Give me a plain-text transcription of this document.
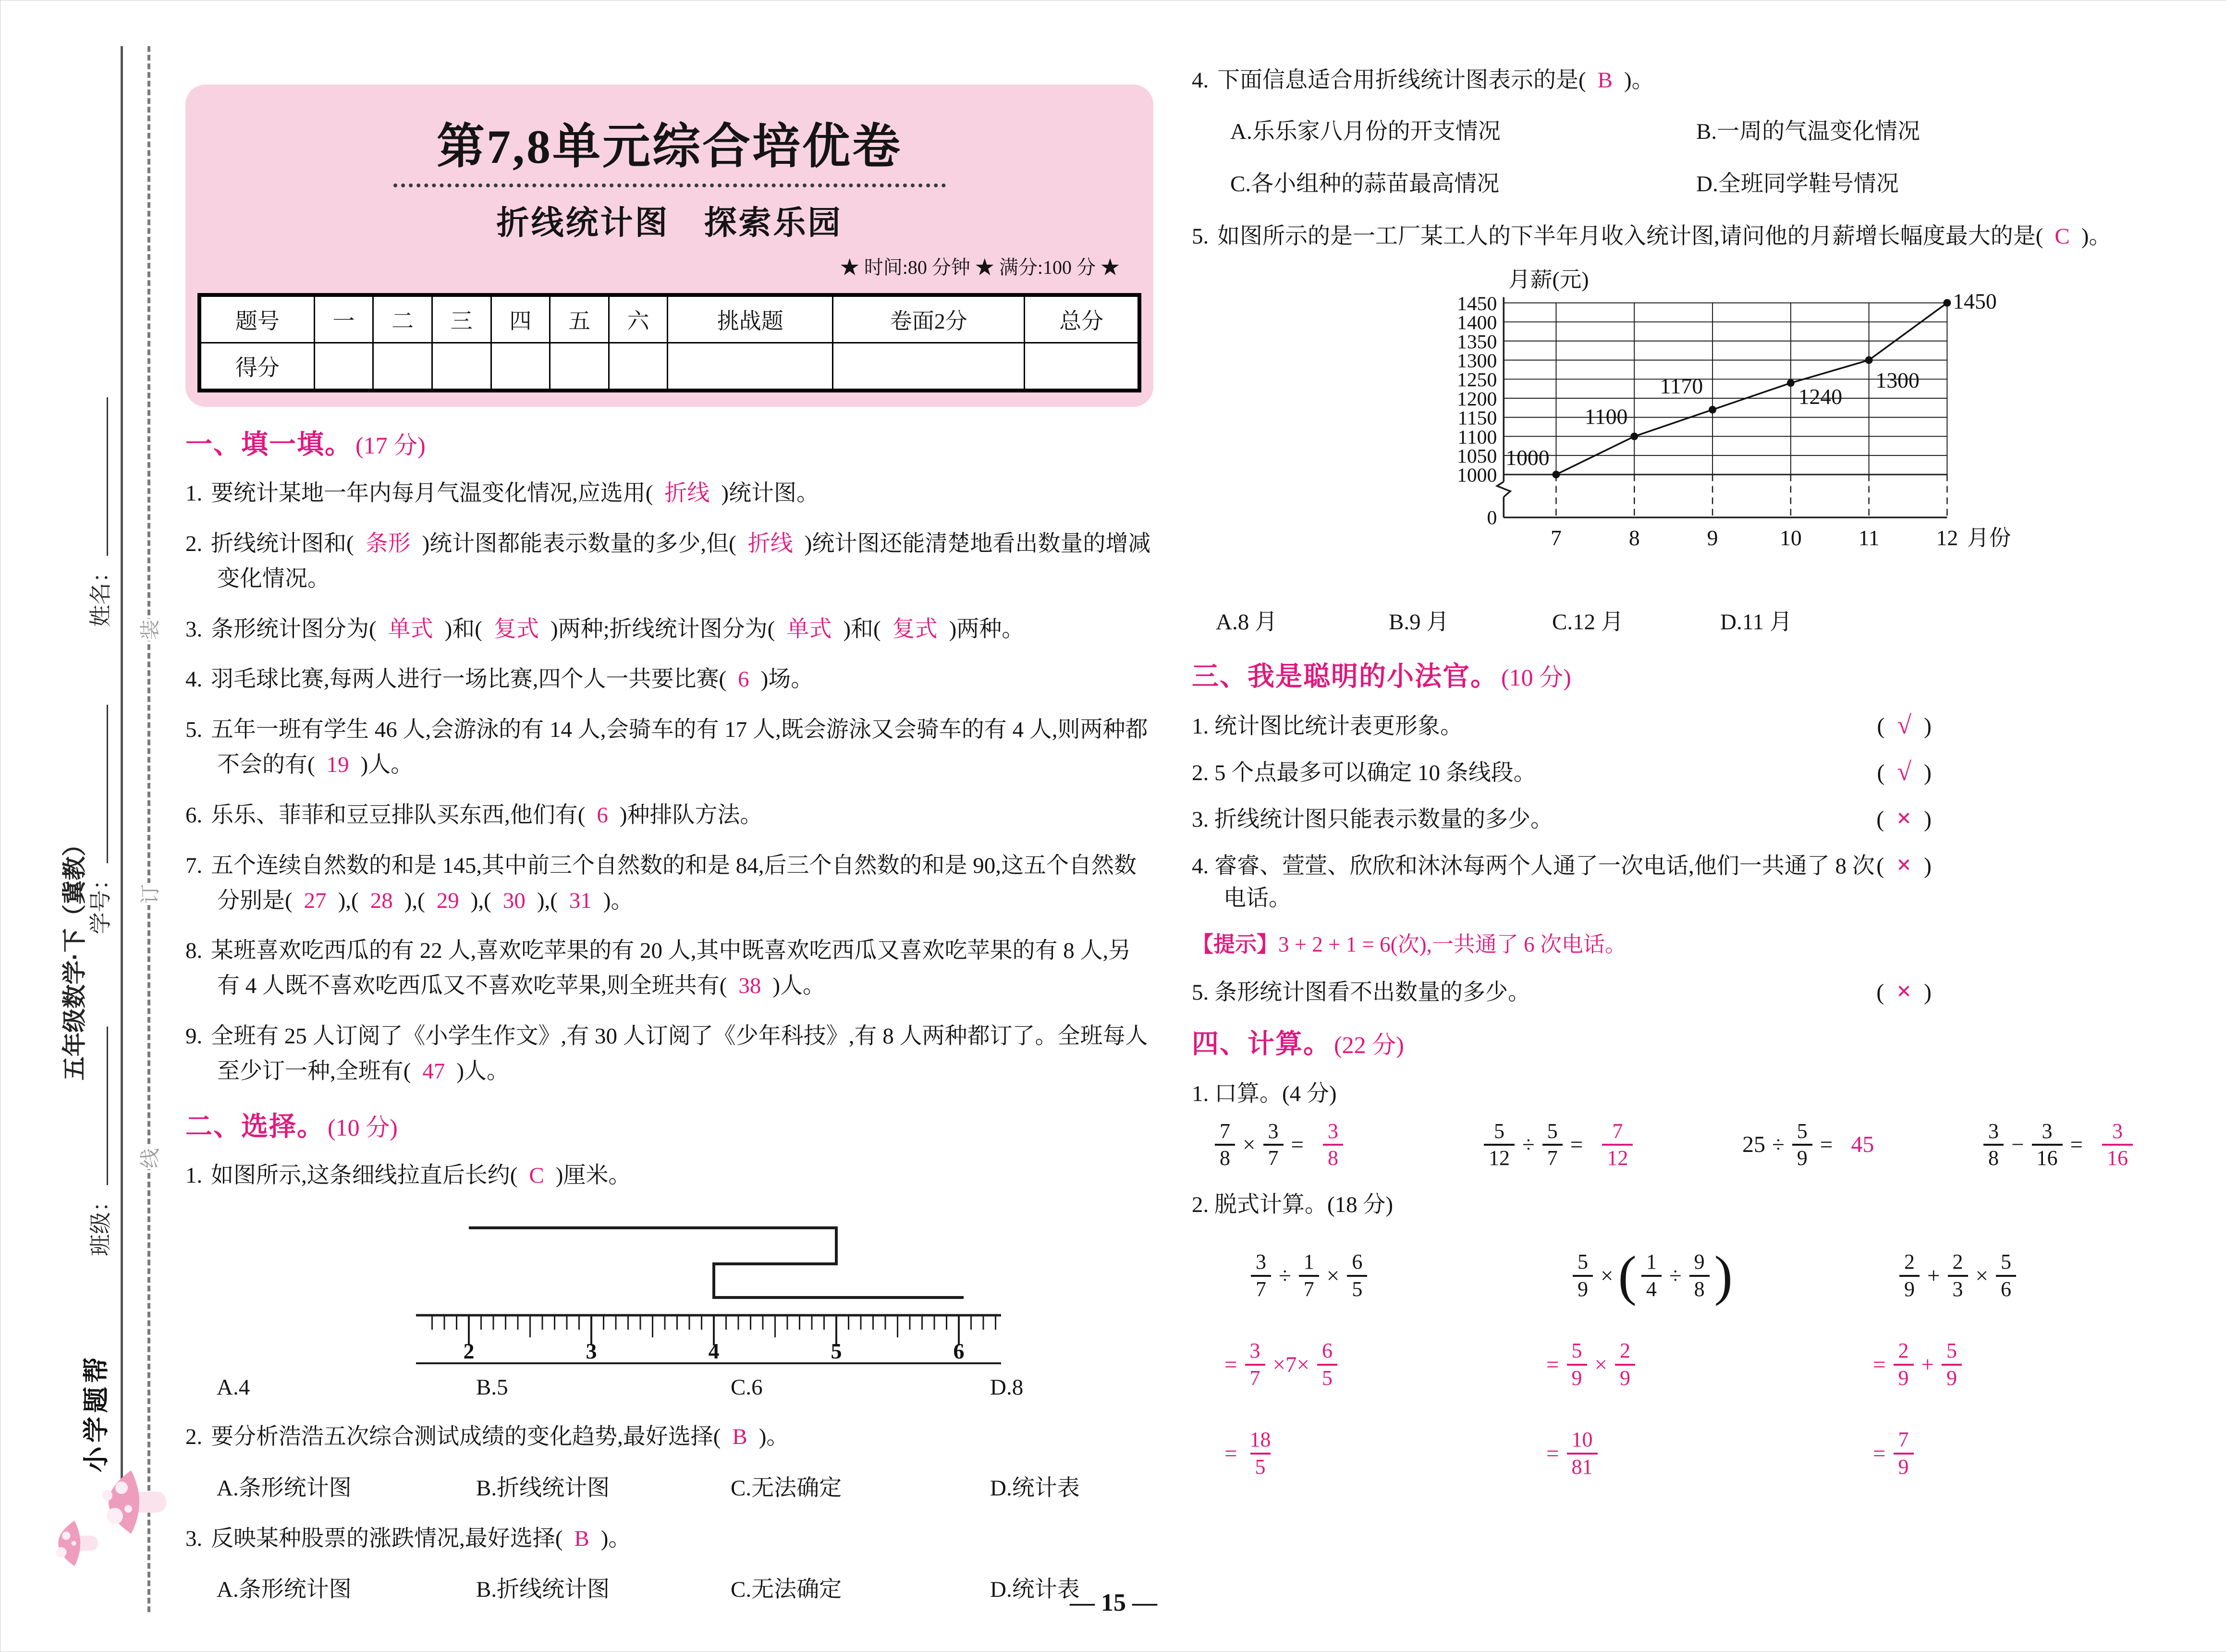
姓名：
学号：
班级：
五年级数学·下（冀教）
装
订
线
小学题帮
第7,8单元综合培优卷
折线统计图　探索乐园
★ 时间:80 分钟 ★ 满分:100 分 ★
题号	一	二	三	四	五	六	挑战题	卷面2分	总分
得分									
一、填一填。 (17 分)
1. 要统计某地一年内每月气温变化情况,应选用( 折线 )统计图。
2. 折线统计图和( 条形 )统计图都能表示数量的多少,但( 折线 )统计图还能清楚地看出数量的增减变化情况。
3. 条形统计图分为( 单式 )和( 复式 )两种;折线统计图分为( 单式 )和( 复式 )两种。
4. 羽毛球比赛,每两人进行一场比赛,四个人一共要比赛( 6 )场。
5. 五年一班有学生 46 人,会游泳的有 14 人,会骑车的有 17 人,既会游泳又会骑车的有 4 人,则两种都不会的有( 19 )人。
6. 乐乐、菲菲和豆豆排队买东西,他们有( 6 )种排队方法。
7. 五个连续自然数的和是 145,其中前三个自然数的和是 84,后三个自然数的和是 90,这五个自然数分别是( 27 ),( 28 ),( 29 ),( 30 ),( 31 )。
8. 某班喜欢吃西瓜的有 22 人,喜欢吃苹果的有 20 人,其中既喜欢吃西瓜又喜欢吃苹果的有 8 人,另有 4 人既不喜欢吃西瓜又不喜欢吃苹果,则全班共有( 38 )人。
9. 全班有 25 人订阅了《小学生作文》,有 30 人订阅了《少年科技》,有 8 人两种都订了。全班每人至少订一种,全班有( 47 )人。
二、选择。 (10 分)
1. 如图所示,这条细线拉直后长约( C )厘米。
2	3	4	5	6
A.4	B.5	C.6	D.8
2. 要分析浩浩五次综合测试成绩的变化趋势,最好选择( B )。
A.条形统计图	B.折线统计图	C.无法确定	D.统计表
3. 反映某种股票的涨跌情况,最好选择( B )。
A.条形统计图	B.折线统计图	C.无法确定	D.统计表
4. 下面信息适合用折线统计图表示的是( B )。
A.乐乐家八月份的开支情况	B.一周的气温变化情况
C.各小组种的蒜苗最高情况	D.全班同学鞋号情况
5. 如图所示的是一工厂某工人的下半年月收入统计图,请问他的月薪增长幅度最大的是( C )。
1000
1050
1100
1150
1200
1250
1300
1350
1400
1450
0
月薪(元)
7	8	9	10	11	12 月份
1000
1100
1170	1240
1300
1450
A.8 月	B.9 月	C.12 月	D.11 月
三、我是聪明的小法官。 (10 分)
1. 统计图比统计表更形象。	( √ )
2. 5 个点最多可以确定 10 条线段。	( √ )
3. 折线统计图只能表示数量的多少。	( × )
4. 睿睿、萱萱、欣欣和沐沐每两个人通了一次电话,他们一共通了 8 次电话。
( × )
【提示】3 + 2 + 1 = 6(次),一共通了 6 次电话。
5. 条形统计图看不出数量的多少。	( × )
四、计算。 (22 分)
1. 口算。(4 分)
$\frac{7}{8} \times \frac{3}{7} = \frac{3}{8}$	$\frac{5}{12} \div \frac{5}{7} = \frac{7}{12}$	$25 \div \frac{5}{9} = 45$	$\frac{3}{8} - \frac{3}{16} = \frac{3}{16}$
2. 脱式计算。(18 分)
$\frac{3}{7} \div \frac{1}{7} \times \frac{6}{5}$
= $\frac{3}{7} \times 7\times \frac{6}{5}$
= $\frac{18}{5}$
$\frac{5}{9}$ × ( $\frac{1}{4} \div \frac{9}{8}$ )
= $\frac{5}{9} \times \frac{2}{9}$
= $\frac{10}{81}$
$\frac{2}{9} + \frac{2}{3} \times \frac{5}{6}$
= $\frac{2}{9} + \frac{5}{9}$
= $\frac{7}{9}$
— 15 —
